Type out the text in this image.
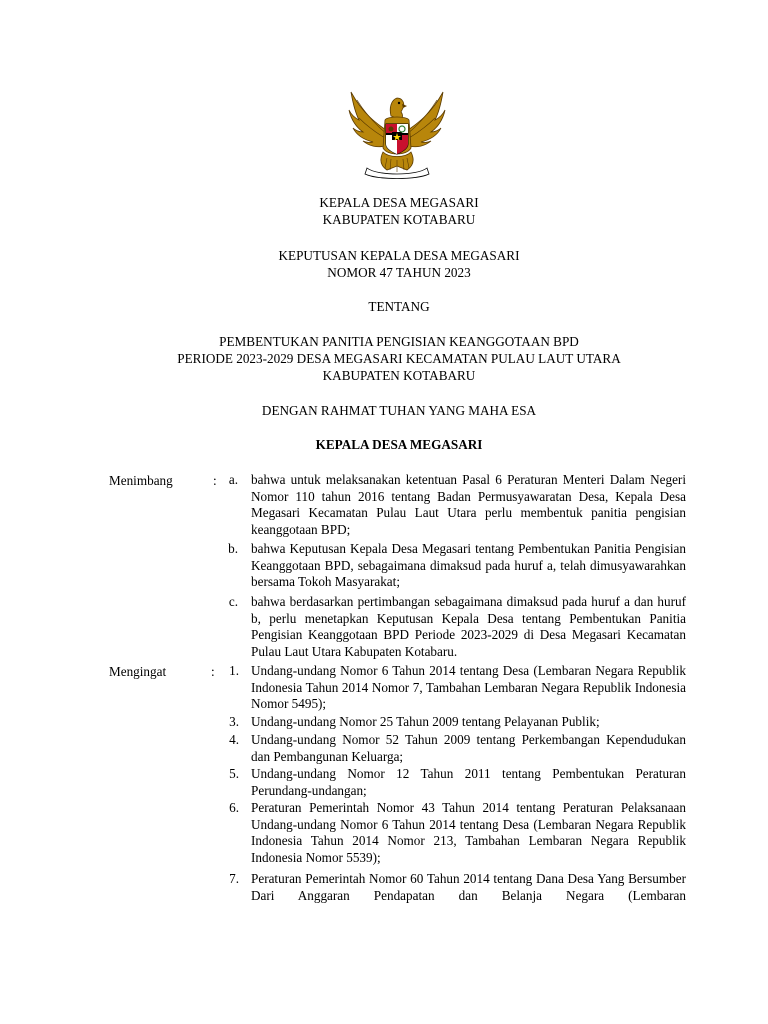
KEPALA DESA MEGASARI
KABUPATEN KOTABARU
KEPUTUSAN KEPALA DESA MEGASARI
NOMOR 47 TAHUN 2023
TENTANG
PEMBENTUKAN PANITIA PENGISIAN KEANGGOTAAN BPD
PERIODE 2023-2029 DESA MEGASARI KECAMATAN PULAU LAUT UTARA
KABUPATEN KOTABARU
DENGAN RAHMAT TUHAN YANG MAHA ESA
KEPALA DESA MEGASARI
Menimbang	: a. bahwa untuk melaksanakan ketentuan Pasal 6 Peraturan Menteri Dalam Negeri Nomor 110 tahun 2016 tentang Badan Permusyawaratan Desa, Kepala Desa Megasari Kecamatan Pulau Laut Utara perlu membentuk panitia pengisian keanggotaan BPD;
b. bahwa Keputusan Kepala Desa Megasari tentang Pembentukan Panitia Pengisian Keanggotaan BPD, sebagaimana dimaksud pada huruf a, telah dimusyawarahkan bersama Tokoh Masyarakat;
c. bahwa berdasarkan pertimbangan sebagaimana dimaksud pada huruf a dan huruf b, perlu menetapkan Keputusan Kepala Desa tentang Pembentukan Panitia Pengisian Keanggotaan BPD Periode 2023-2029 di Desa Megasari Kecamatan Pulau Laut Utara Kabupaten Kotabaru.
Mengingat	:	1. Undang-undang Nomor 6 Tahun 2014 tentang Desa (Lembaran Negara Republik Indonesia Tahun 2014 Nomor 7, Tambahan Lembaran Negara Republik Indonesia Nomor 5495);
3. Undang-undang Nomor 25 Tahun 2009 tentang Pelayanan Publik;
4. Undang-undang Nomor 52 Tahun 2009 tentang Perkembangan Kependudukan dan Pembangunan Keluarga;
5. Undang-undang Nomor 12 Tahun 2011 tentang Pembentukan Peraturan Perundang-undangan;
6. Peraturan Pemerintah Nomor 43 Tahun 2014 tentang Peraturan Pelaksanaan Undang-undang Nomor 6 Tahun 2014 tentang Desa (Lembaran Negara Republik Indonesia Tahun 2014 Nomor 213, Tambahan Lembaran Negara Republik Indonesia Nomor 5539);
7. Peraturan Pemerintah Nomor 60 Tahun 2014 tentang Dana Desa Yang Bersumber Dari Anggaran Pendapatan dan Belanja Negara (Lembaran
